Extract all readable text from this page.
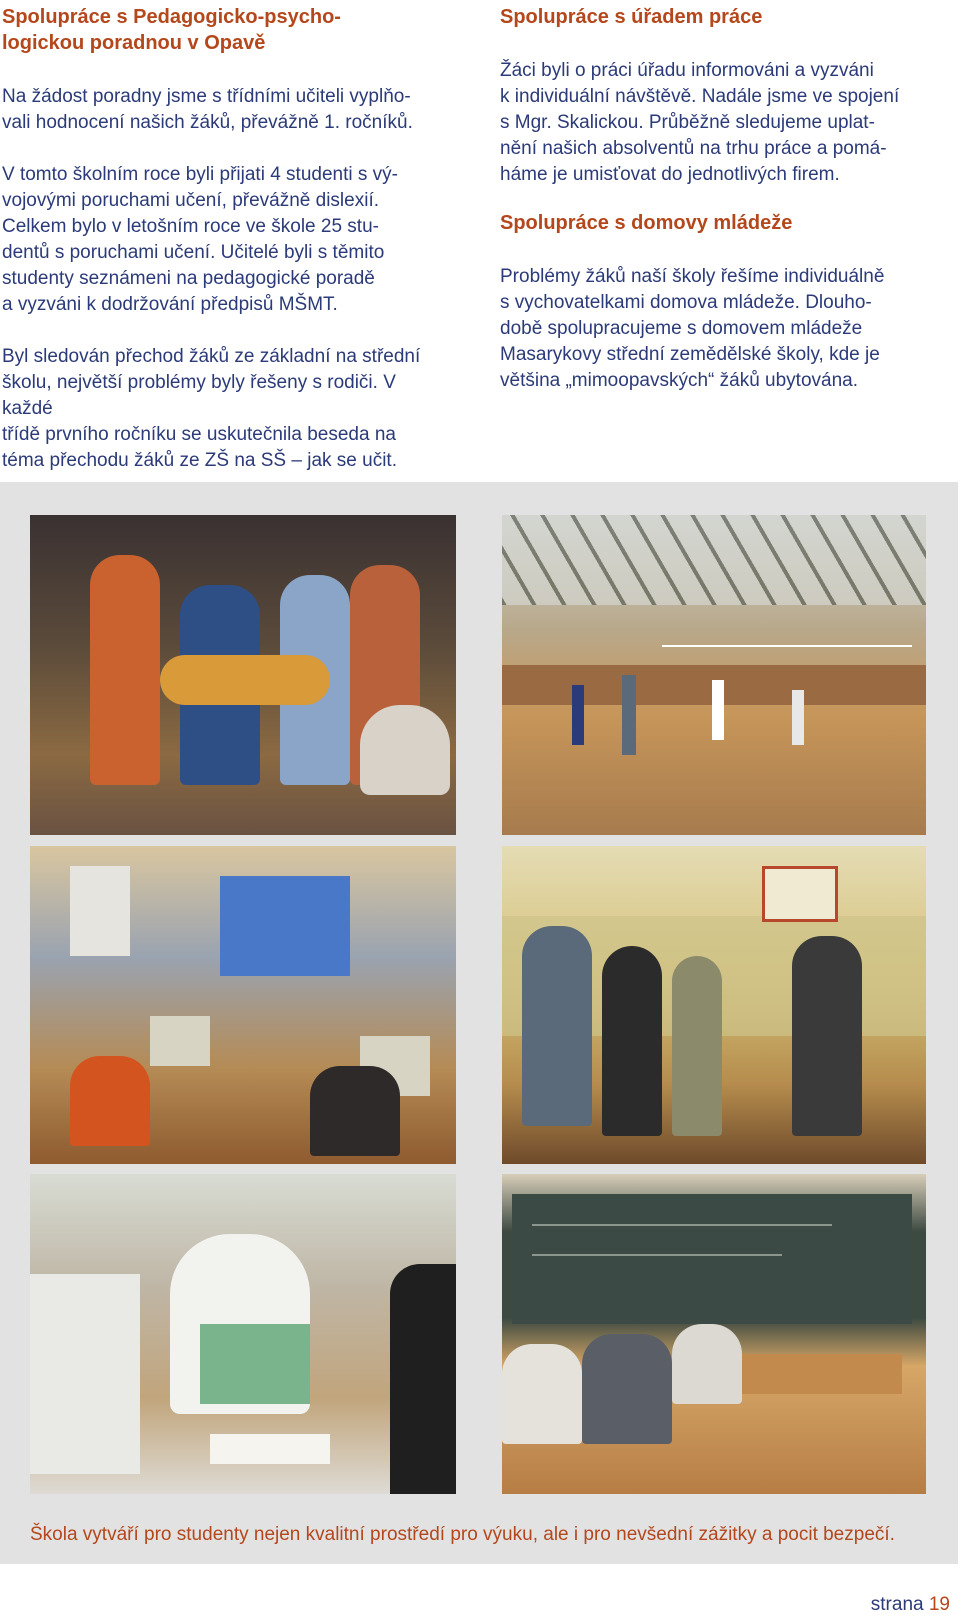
Spolupráce s Pedagogicko-psycho-
logickou poradnou v Opavě

Na žádost poradny jsme s třídními učiteli vyplňo-
vali hodnocení našich žáků, převážně 1. ročníků.

V tomto školním roce byli přijati 4 studenti s vý-
vojovými poruchami učení, převážně dislexií.
Celkem bylo v letošním roce ve škole 25 stu-
dentů s poruchami učení. Učitelé byli s těmito
studenty seznámeni na pedagogické poradě
a vyzváni k dodržování předpisů MŠMT.

Byl sledován přechod žáků ze základní na střední
školu, největší problémy byly řešeny s rodiči. V každé
třídě prvního ročníku se uskutečnila beseda na
téma přechodu žáků ze ZŠ na SŠ – jak se učit.

Spolupráce s úřadem práce

Žáci byli o práci úřadu informováni a vyzváni
k individuální návštěvě. Nadále jsme ve spojení
s Mgr. Skalickou. Průběžně sledujeme uplat-
nění našich absolventů na trhu práce a pomá-
háme je umisťovat do jednotlivých firem.

Spolupráce s domovy mládeže

Problémy žáků naší školy řešíme individuálně
s vychovatelkami domova mládeže. Dlouho-
době spolupracujeme s domovem mládeže
Masarykovy střední zemědělské školy, kde je
většina „mimoopavských“ žáků ubytována.

Škola vytváří pro studenty nejen kvalitní prostředí pro výuku, ale i pro nevšední zážitky a pocit bezpečí.
strana 19
